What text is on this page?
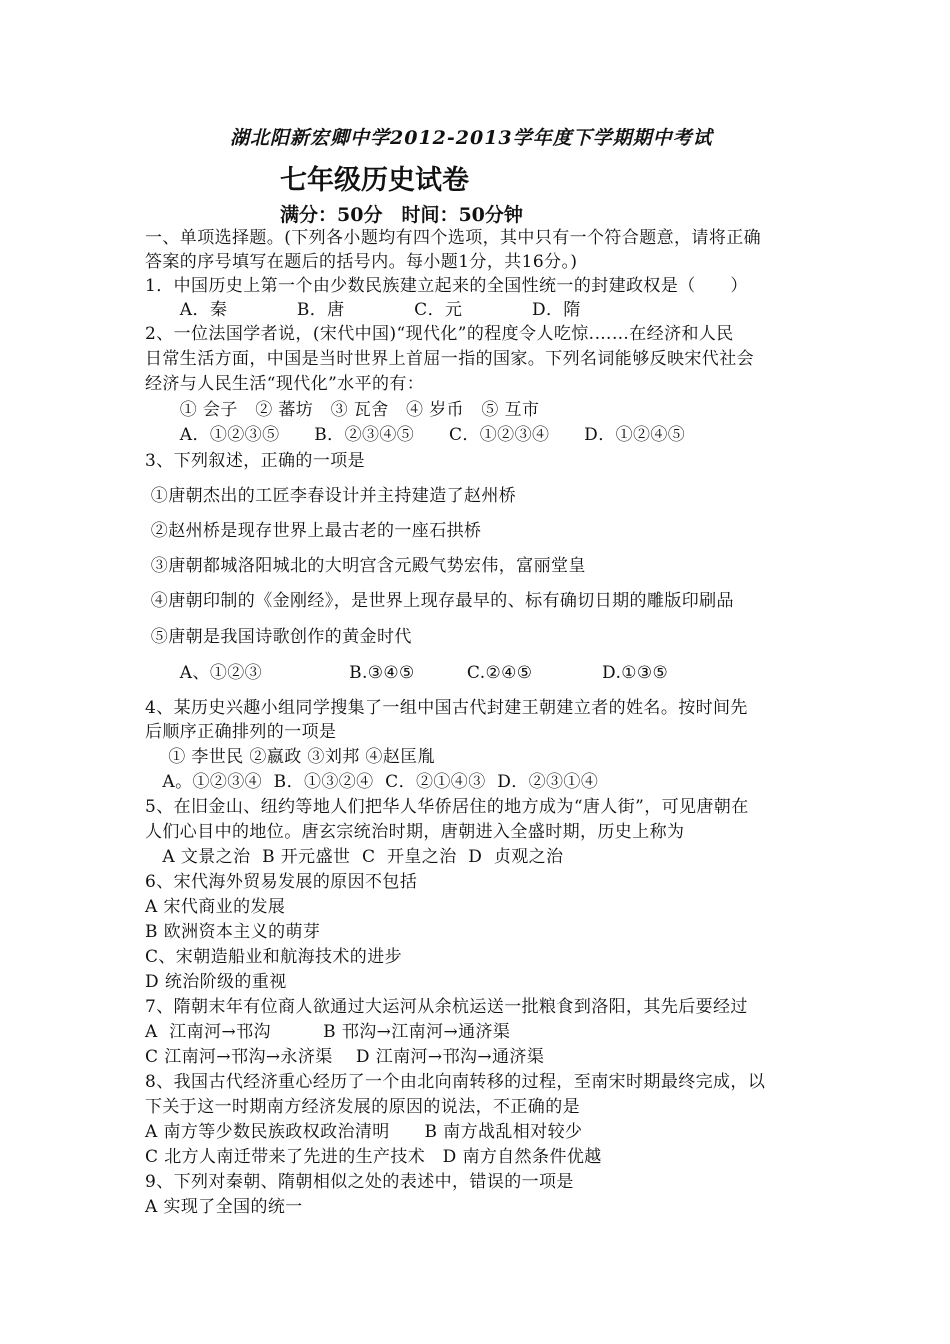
湖北阳新宏卿中学2012-2013学年度下学期期中考试
七年级历史试卷
满分：50分　时间：50分钟
一、单项选择题。(下列各小题均有四个选项，其中只有一个符合题意，请将正确
答案的序号填写在题后的括号内。每小题1分，共16分。)
1．中国历史上第一个由少数民族建立起来的全国性统一的封建政权是（　　）
　　A．秦　　　　B．唐　　　　C．元　　　　D．隋
2、一位法国学者说，(宋代中国)“现代化”的程度令人吃惊.……在经济和人民
日常生活方面，中国是当时世界上首屈一指的国家。下列名词能够反映宋代社会
经济与人民生活“现代化”水平的有：
　　① 会子　② 蕃坊　③ 瓦舍　④ 岁币　⑤ 互市
　　A．①②③⑤　　B．②③④⑤　　C．①②③④　　D．①②④⑤
3、下列叙述，正确的一项是
①唐朝杰出的工匠李春设计并主持建造了赵州桥
②赵州桥是现存世界上最古老的一座石拱桥
③唐朝都城洛阳城北的大明宫含元殿气势宏伟，富丽堂皇
④唐朝印制的《金刚经》，是世界上现存最早的、标有确切日期的雕版印刷品
⑤唐朝是我国诗歌创作的黄金时代
　　A、①②③　　　　　B.③④⑤　　　C.②④⑤　　　　D.①③⑤
4、某历史兴趣小组同学搜集了一组中国古代封建王朝建立者的姓名。按时间先
后顺序正确排列的一项是
　 ① 李世民 ②嬴政 ③刘邦 ④赵匡胤
　A。①②③④  B．①③②④  C．②①④③  D．②③①④
5、在旧金山、纽约等地人们把华人华侨居住的地方成为“唐人街”，可见唐朝在
人们心目中的地位。唐玄宗统治时期，唐朝进入全盛时期，历史上称为
　A 文景之治  B 开元盛世  C  开皇之治  D  贞观之治
6、宋代海外贸易发展的原因不包括
A 宋代商业的发展
B 欧洲资本主义的萌芽
C、宋朝造船业和航海技术的进步
D 统治阶级的重视
7、隋朝末年有位商人欲通过大运河从余杭运送一批粮食到洛阳，其先后要经过
A  江南河→邗沟　　　B 邗沟→江南河→通济渠
C 江南河→邗沟→永济渠　 D 江南河→邗沟→通济渠
8、我国古代经济重心经历了一个由北向南转移的过程，至南宋时期最终完成，以
下关于这一时期南方经济发展的原因的说法，不正确的是
A 南方等少数民族政权政治清明　　B 南方战乱相对较少
C 北方人南迁带来了先进的生产技术　D 南方自然条件优越
9、下列对秦朝、隋朝相似之处的表述中，错误的一项是
A 实现了全国的统一
